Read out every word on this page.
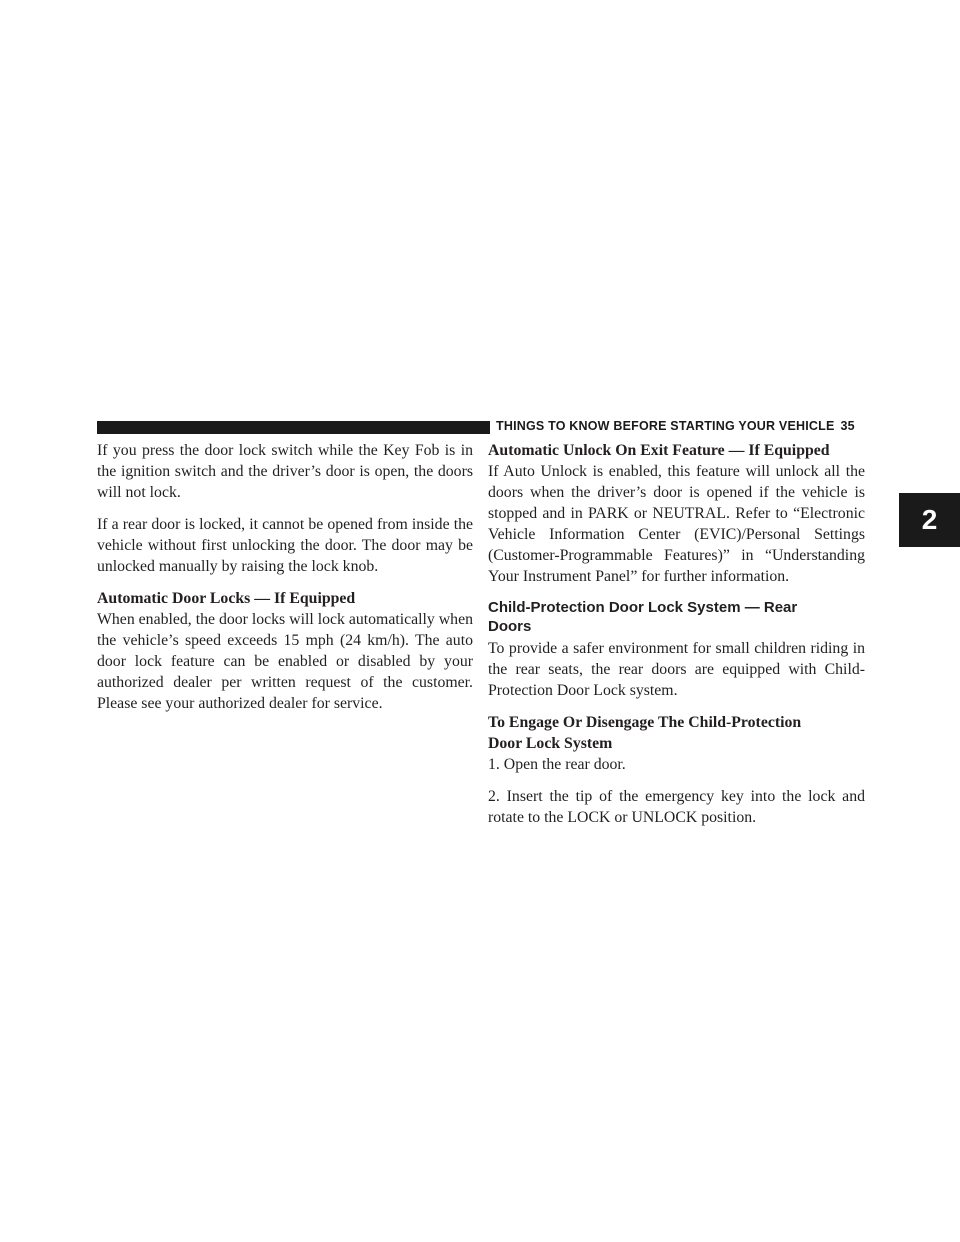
THINGS TO KNOW BEFORE STARTING YOUR VEHICLE 35
2

If you press the door lock switch while the Key Fob is in the ignition switch and the driver’s door is open, the doors will not lock.

If a rear door is locked, it cannot be opened from inside the vehicle without first unlocking the door. The door may be unlocked manually by raising the lock knob.

Automatic Door Locks — If Equipped

When enabled, the door locks will lock automatically when the vehicle’s speed exceeds 15 mph (24 km/h). The auto door lock feature can be enabled or disabled by your authorized dealer per written request of the customer. Please see your authorized dealer for service.

Automatic Unlock On Exit Feature — If Equipped

If Auto Unlock is enabled, this feature will unlock all the doors when the driver’s door is opened if the vehicle is stopped and in PARK or NEUTRAL. Refer to “Electronic Vehicle Information Center (EVIC)/Personal Settings (Customer-Programmable Features)” in “Understanding Your Instrument Panel” for further information.

Child-Protection Door Lock System — Rear
Doors

To provide a safer environment for small children riding in the rear seats, the rear doors are equipped with Child-Protection Door Lock system.

To Engage Or Disengage The Child-Protection
Door Lock System

1. Open the rear door.

2. Insert the tip of the emergency key into the lock and rotate to the LOCK or UNLOCK position.
